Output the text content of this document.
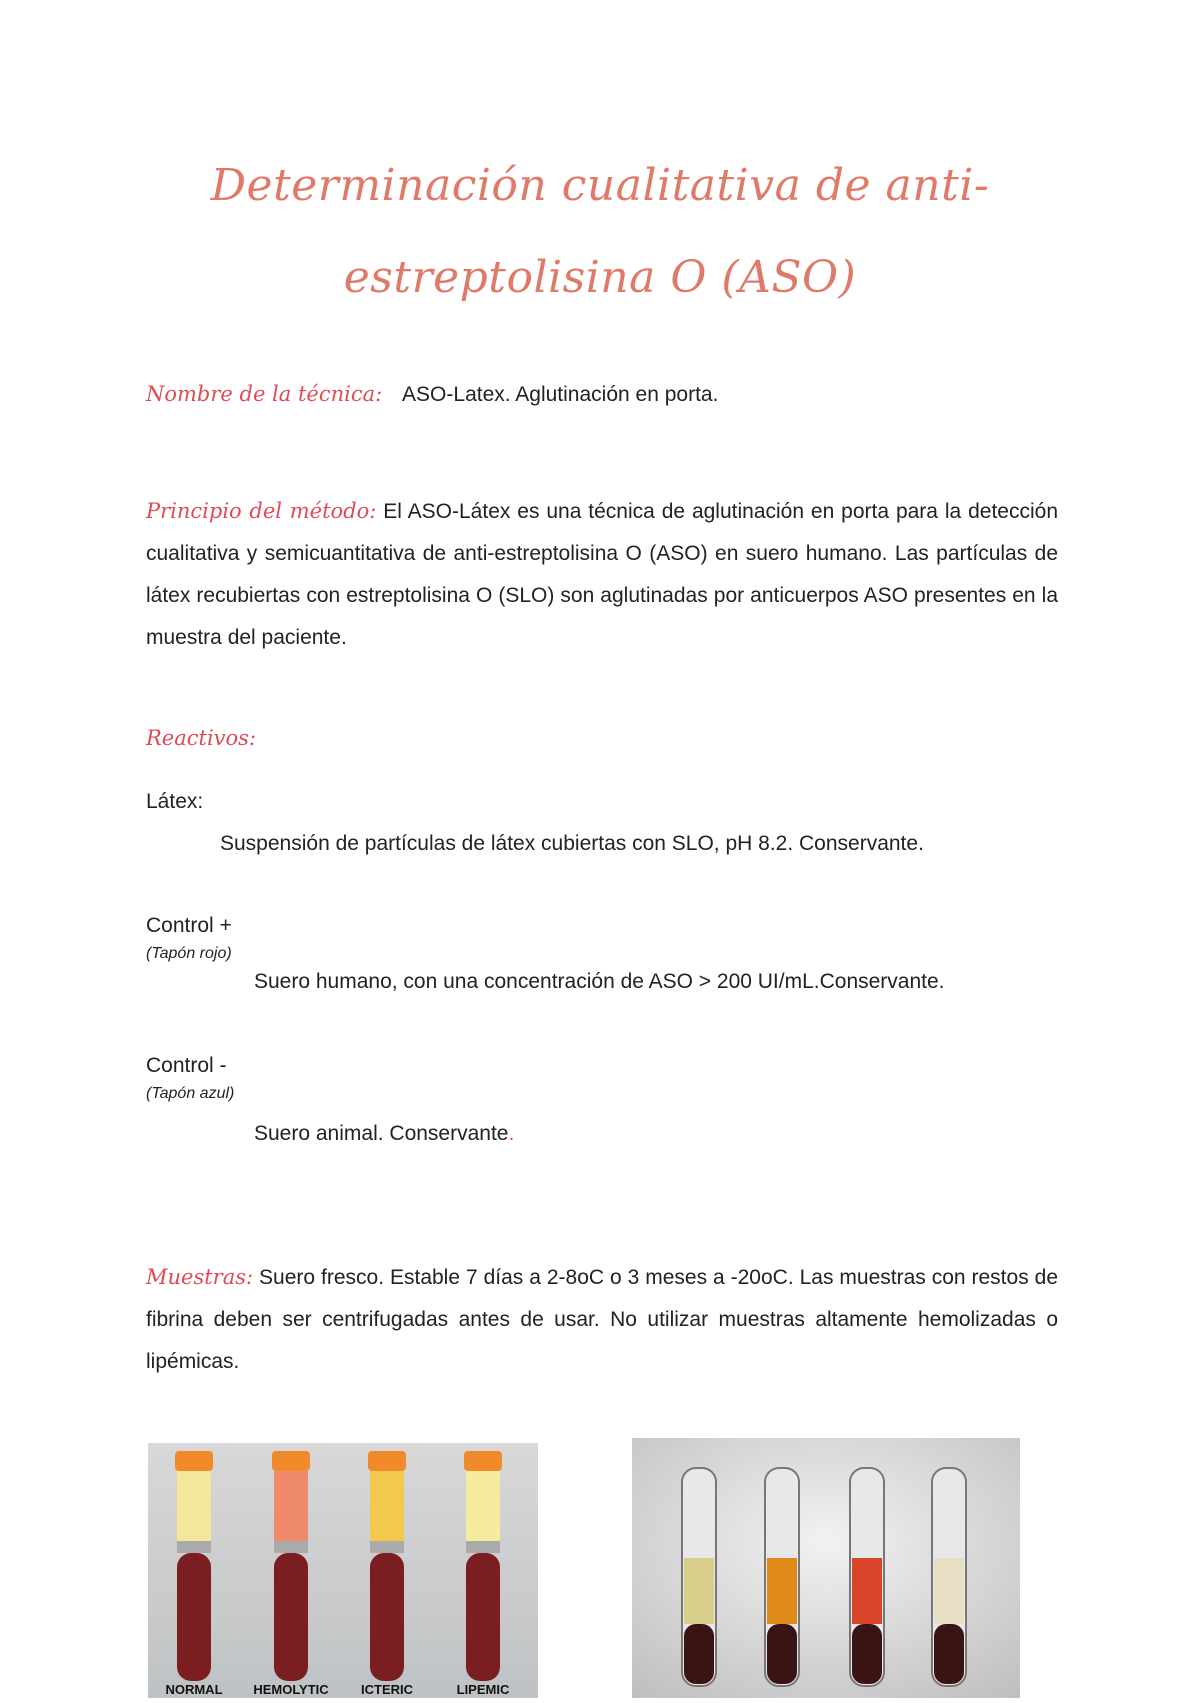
Determinación cualitativa de anti-estreptolisina O (ASO)
Nombre de la técnica: ASO-Latex. Aglutinación en porta.
Principio del método: El ASO-Látex es una técnica de aglutinación en porta para la detección cualitativa y semicuantitativa de anti-estreptolisina O (ASO) en suero humano. Las partículas de látex recubiertas con estreptolisina O (SLO) son aglutinadas por anticuerpos ASO presentes en la muestra del paciente.
Reactivos:
Látex:
Suspensión de partículas de látex cubiertas con SLO, pH 8.2. Conservante.
Control +
(Tapón rojo)
Suero humano, con una concentración de ASO > 200 UI/mL.Conservante.
Control -
(Tapón azul)
Suero animal. Conservante.
Muestras: Suero fresco. Estable 7 días a 2-8oC o 3 meses a -20oC. Las muestras con restos de fibrina deben ser centrifugadas antes de usar. No utilizar muestras altamente hemolizadas o lipémicas.
NORMAL HEMOLYTIC ICTERIC	LIPEMIC
